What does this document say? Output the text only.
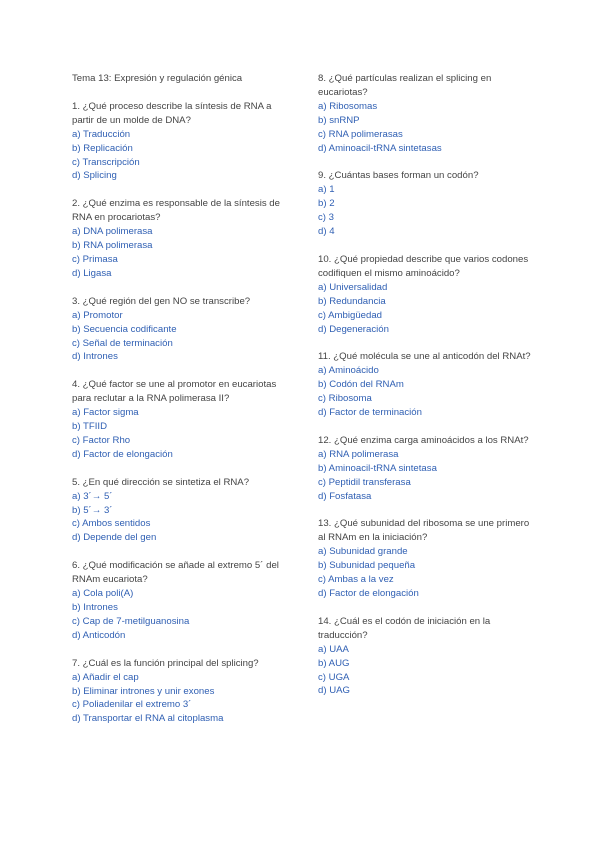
Tema 13: Expresión y regulación génica
1. ¿Qué proceso describe la síntesis de RNA a partir de un molde de DNA?
a) Traducción
b) Replicación
c) Transcripción
d) Splicing
2. ¿Qué enzima es responsable de la síntesis de RNA en procariotas?
a) DNA polimerasa
b) RNA polimerasa
c) Primasa
d) Ligasa
3. ¿Qué región del gen NO se transcribe?
a) Promotor
b) Secuencia codificante
c) Señal de terminación
d) Intrones
4. ¿Qué factor se une al promotor en eucariotas para reclutar a la RNA polimerasa II?
a) Factor sigma
b) TFIID
c) Factor Rho
d) Factor de elongación
5. ¿En qué dirección se sintetiza el RNA?
a) 3´→ 5´
b) 5´→ 3´
c) Ambos sentidos
d) Depende del gen
6. ¿Qué modificación se añade al extremo 5´ del RNAm eucariota?
a) Cola poli(A)
b) Intrones
c) Cap de 7-metilguanosina
d) Anticodón
7. ¿Cuál es la función principal del splicing?
a) Añadir el cap
b) Eliminar intrones y unir exones
c) Poliadenilar el extremo 3´
d) Transportar el RNA al citoplasma
8. ¿Qué partículas realizan el splicing en eucariotas?
a) Ribosomas
b) snRNP
c) RNA polimerasas
d) Aminoacil-tRNA sintetasas
9. ¿Cuántas bases forman un codón?
a) 1
b) 2
c) 3
d) 4
10. ¿Qué propiedad describe que varios codones codifiquen el mismo aminoácido?
a) Universalidad
b) Redundancia
c) Ambigüedad
d) Degeneración
11. ¿Qué molécula se une al anticodón del RNAt?
a) Aminoácido
b) Codón del RNAm
c) Ribosoma
d) Factor de terminación
12. ¿Qué enzima carga aminoácidos a los RNAt?
a) RNA polimerasa
b) Aminoacil-tRNA sintetasa
c) Peptidil transferasa
d) Fosfatasa
13. ¿Qué subunidad del ribosoma se une primero al RNAm en la iniciación?
a) Subunidad grande
b) Subunidad pequeña
c) Ambas a la vez
d) Factor de elongación
14. ¿Cuál es el codón de iniciación en la traducción?
a) UAA
b) AUG
c) UGA
d) UAG
